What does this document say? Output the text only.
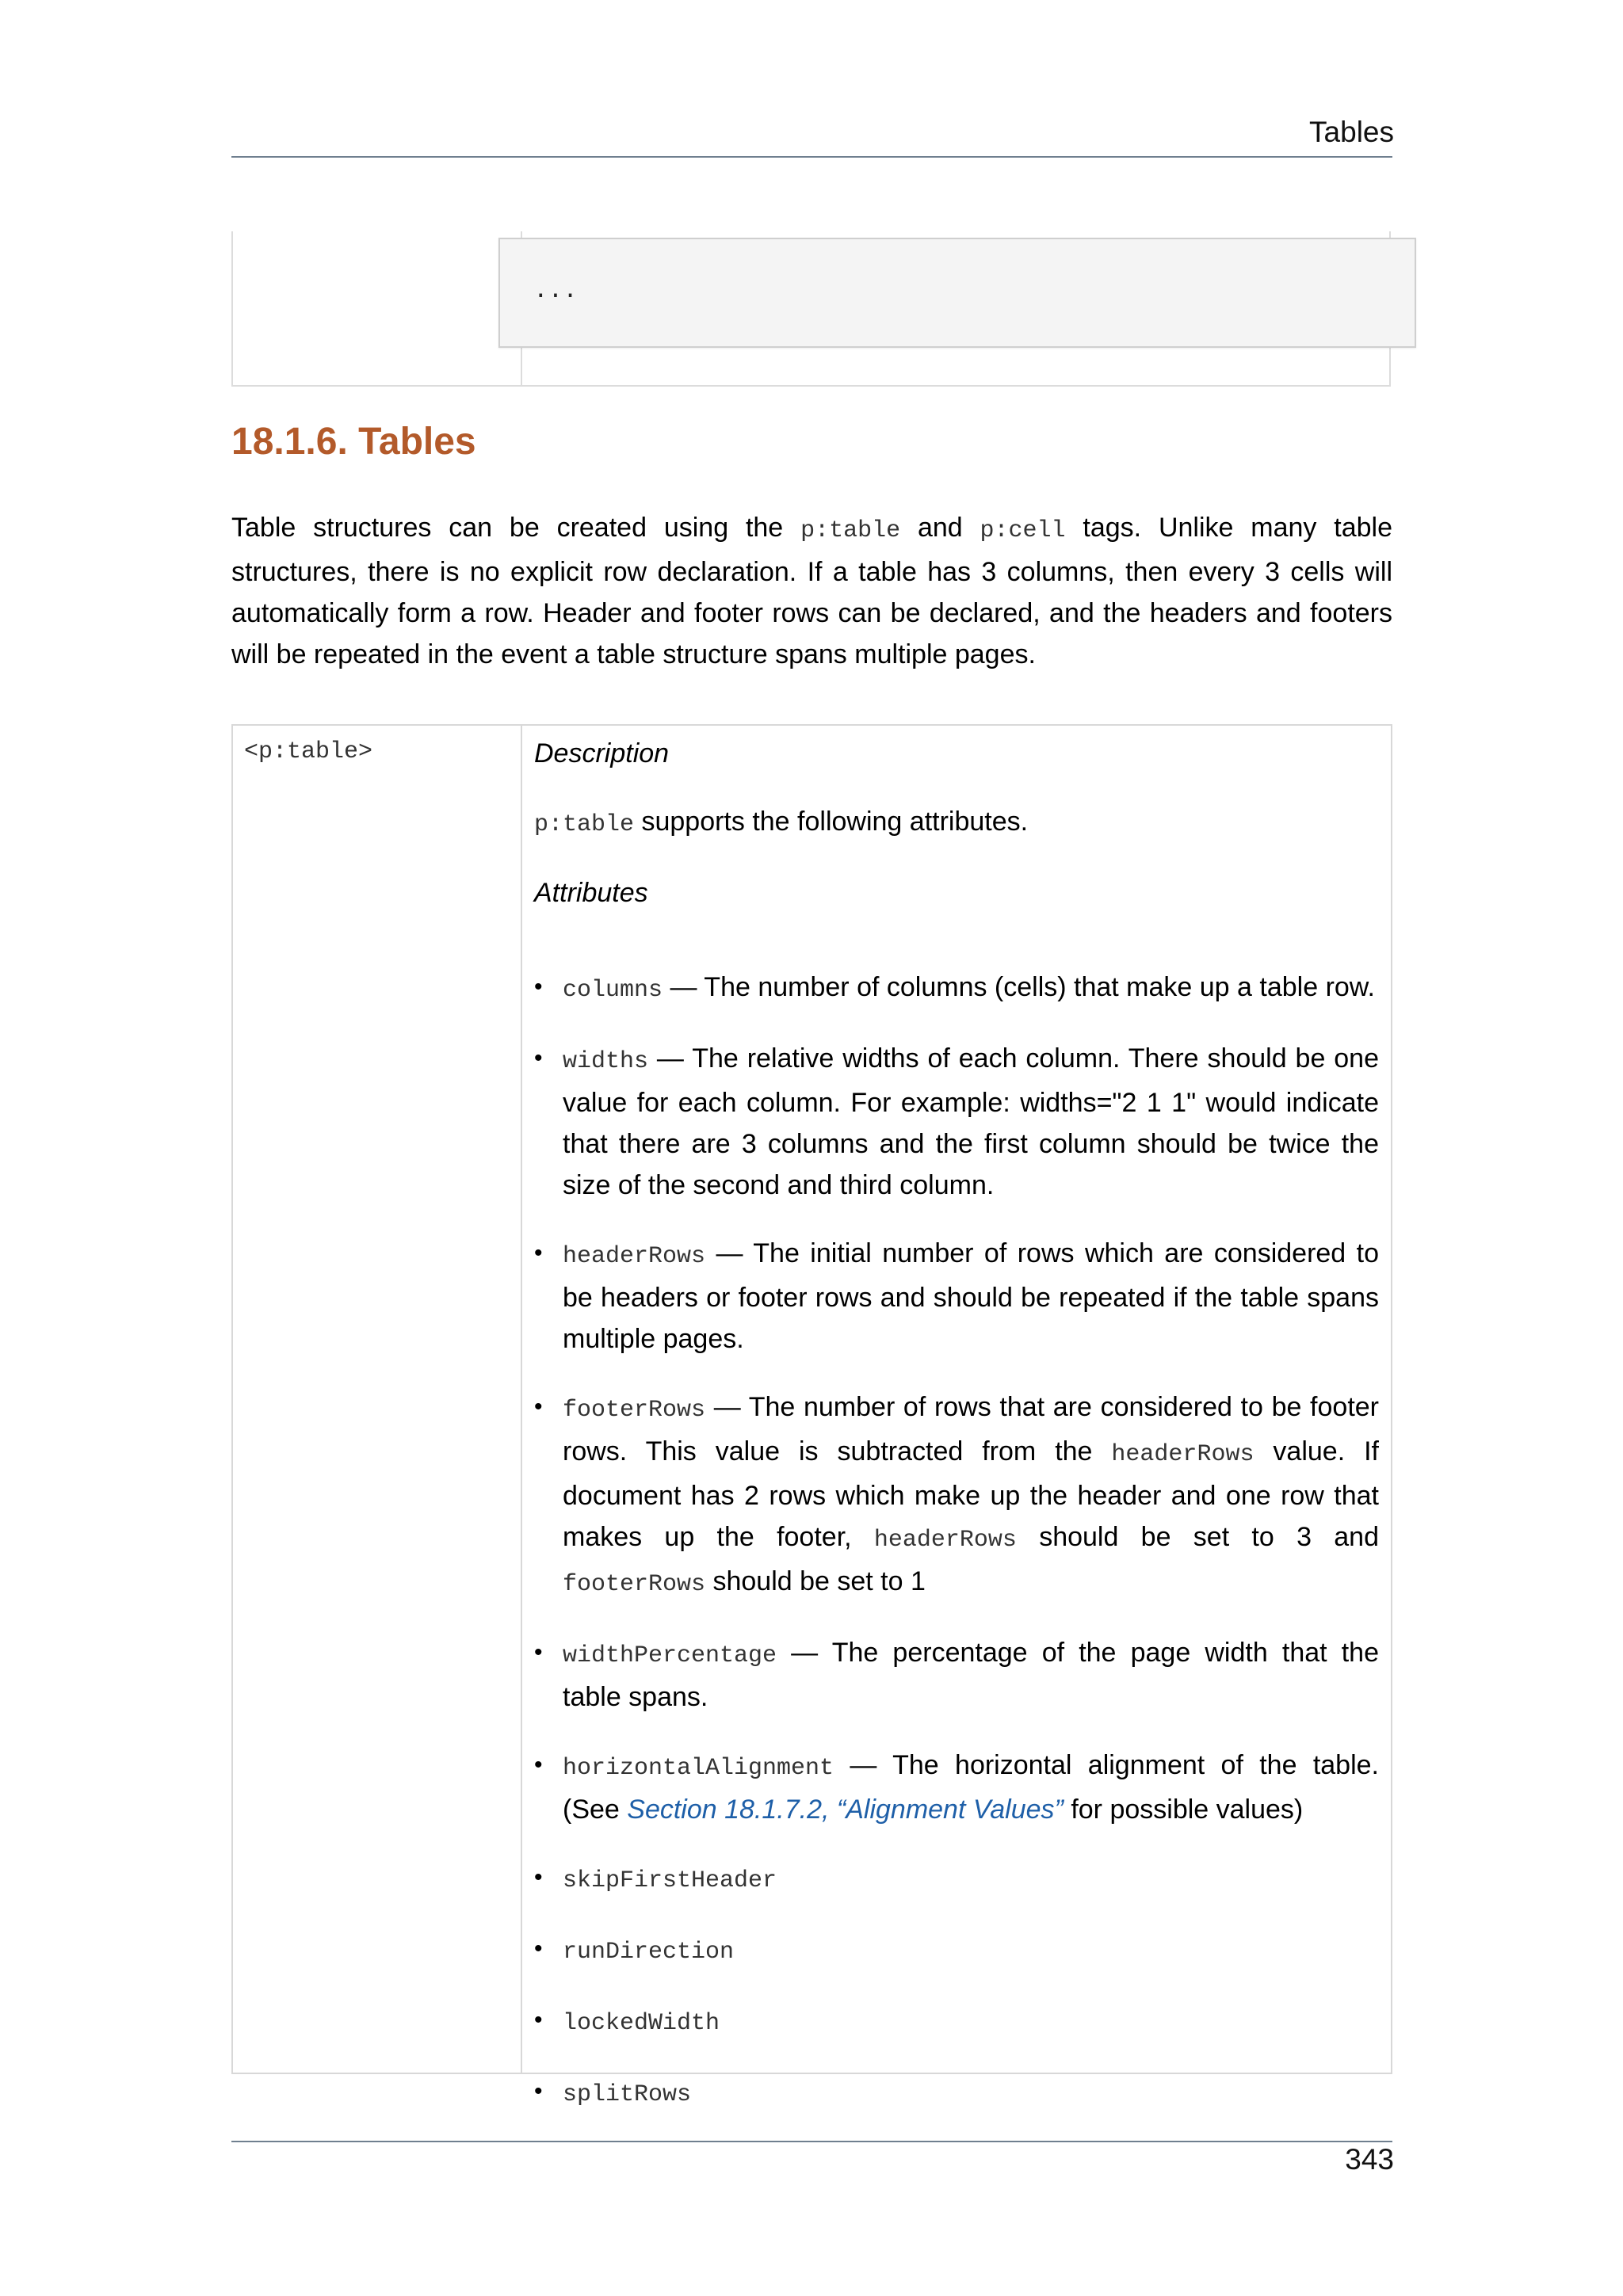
Tables
...
18.1.6. Tables

Table structures can be created using the p:table and p:cell tags. Unlike many table structures, there is no explicit row declaration. If a table has 3 columns, then every 3 cells will automatically form a row. Header and footer rows can be declared, and the headers and footers will be repeated in the event a table structure spans multiple pages.

<p:table>	Description

p:table supports the following attributes.

Attributes

• columns — The number of columns (cells) that make up a table row.
• widths — The relative widths of each column. There should be one value for each column. For example: widths="2 1 1" would indicate that there are 3 columns and the first column should be twice the size of the second and third column.
• headerRows — The initial number of rows which are considered to be headers or footer rows and should be repeated if the table spans multiple pages.
• footerRows — The number of rows that are considered to be footer rows. This value is subtracted from the headerRows value. If document has 2 rows which make up the header and one row that makes up the footer, headerRows should be set to 3 and footerRows should be set to 1
• widthPercentage — The percentage of the page width that the table spans.
• horizontalAlignment — The horizontal alignment of the table. (See Section 18.1.7.2, “Alignment Values” for possible values)
• skipFirstHeader
• runDirection
• lockedWidth
• splitRows
343
